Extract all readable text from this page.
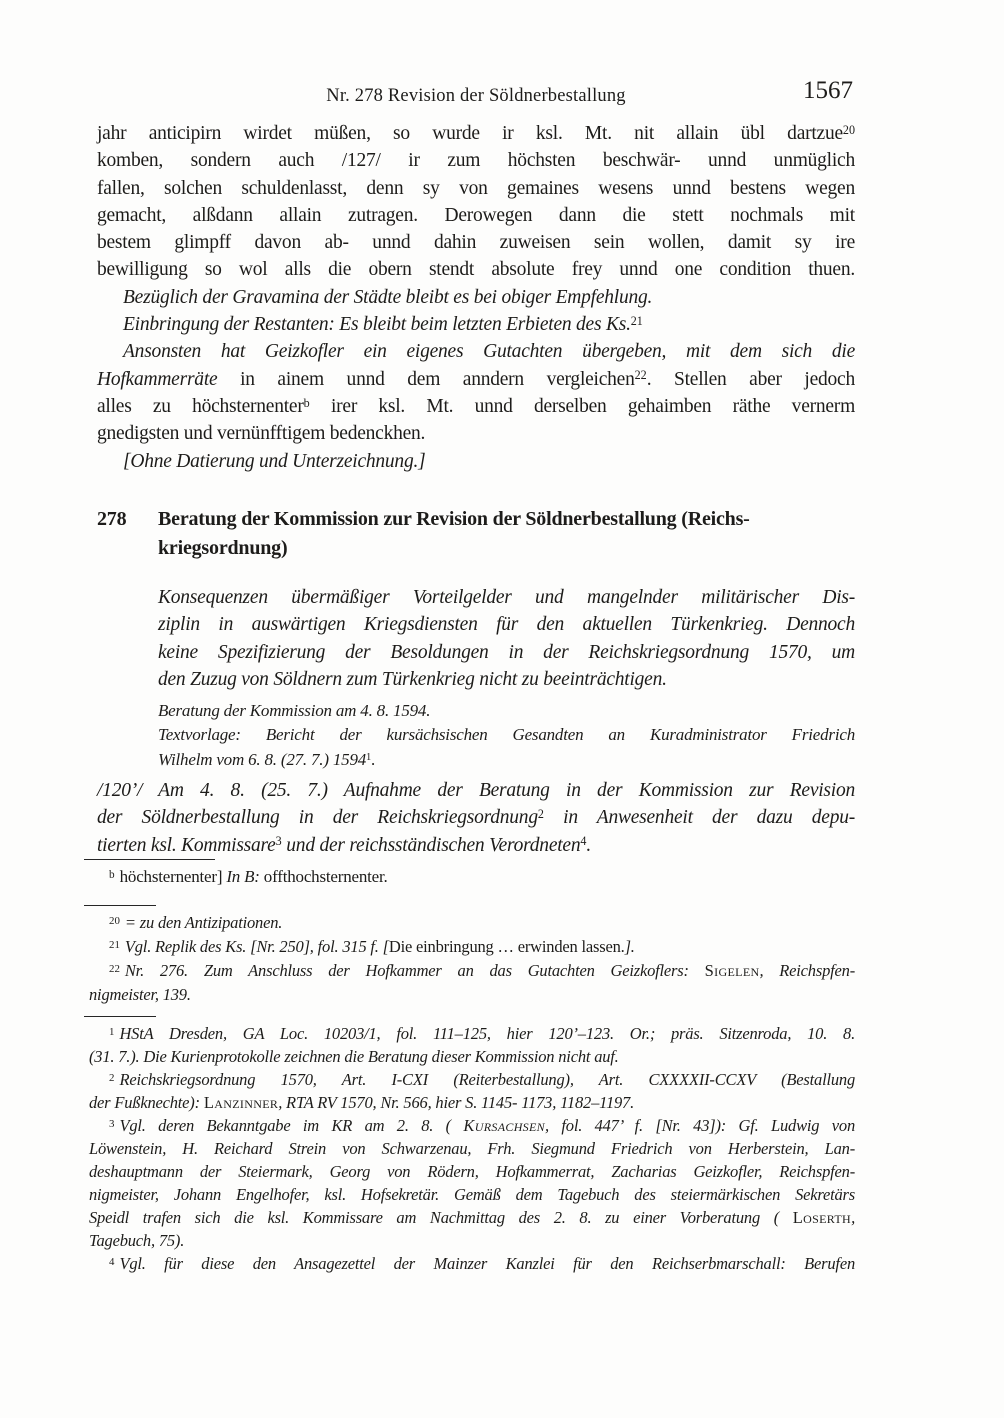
Nr. 278 Revision der Söldnerbestallung	1567
jahr anticipirn wirdet müßen, so wurde ir ksl. Mt. nit allain übl dartzue$^{20}$
komben, sondern auch /127/ ir zum höchsten beschwär- unnd unmüglich
fallen, solchen schuldenlasst, denn sy von gemaines wesens unnd bestens wegen
gemacht, alßdann allain zutragen. Derowegen dann die stett nochmals mit
bestem glimpff davon ab- unnd dahin zuweisen sein wollen, damit sy ire
bewilligung so wol alls die obern stendt absolute frey unnd one condition thuen.
Bezüglich der Gravamina der Städte bleibt es bei obiger Empfehlung.
Einbringung der Restanten: Es bleibt beim letzten Erbieten des Ks.$^{21}$
Ansonsten hat Geizkofler ein eigenes Gutachten übergeben, mit dem sich die
Hofkammerräte in ainem unnd dem anndern vergleichen$^{22}$. Stellen aber jedoch
alles zu höchsternenter$^b$ irer ksl. Mt. unnd derselben gehaimben räthe vernerm
gnedigsten und vernünfftigem bedenckhen.
[Ohne Datierung und Unterzeichnung.]
278	Beratung der Kommission zur Revision der Söldnerbestallung (Reichs-
kriegsordnung)
Konsequenzen übermäßiger Vorteilgelder und mangelnder militärischer Dis-
ziplin in auswärtigen Kriegsdiensten für den aktuellen Türkenkrieg. Dennoch
keine Spezifizierung der Besoldungen in der Reichskriegsordnung 1570, um
den Zuzug von Söldnern zum Türkenkrieg nicht zu beeinträchtigen.
Beratung der Kommission am 4. 8. 1594.
Textvorlage: Bericht der kursächsischen Gesandten an Kuradministrator Friedrich
Wilhelm vom 6. 8. (27. 7.) 1594$^1$.
/120’/ Am 4. 8. (25. 7.) Aufnahme der Beratung in der Kommission zur Revision
der Söldnerbestallung in der Reichskriegsordnung$^2$ in Anwesenheit der dazu depu-
tierten ksl. Kommissare$^3$ und der reichsständischen Verordneten$^4$.
$^b$ höchsternenter] In B: offthochsternenter.
$^{20}$ = zu den Antizipationen.
$^{21}$ Vgl. Replik des Ks. [Nr. 250], fol. 315 f. [Die einbringung … erwinden lassen.].
$^{22}$ Nr. 276. Zum Anschluss der Hofkammer an das Gutachten Geizkoflers: Sigelen, Reichspfen-
nigmeister, 139.
$^1$ HStA Dresden, GA Loc. 10203/1, fol. 111–125, hier 120’–123. Or.; präs. Sitzenroda, 10. 8.
(31. 7.). Die Kurienprotokolle zeichnen die Beratung dieser Kommission nicht auf.
$^2$ Reichskriegsordnung 1570, Art. I-CXI (Reiterbestallung), Art. CXXXXII-CCXV (Bestallung
der Fußknechte): Lanzinner, RTA RV 1570, Nr. 566, hier S. 1145- 1173, 1182–1197.
$^3$ Vgl. deren Bekanntgabe im KR am 2. 8. ( Kursachsen, fol. 447’ f. [Nr. 43]): Gf. Ludwig von
Löwenstein, H. Reichard Strein von Schwarzenau, Frh. Siegmund Friedrich von Herberstein, Lan-
deshauptmann der Steiermark, Georg von Rödern, Hofkammerrat, Zacharias Geizkofler, Reichspfen-
nigmeister, Johann Engelhofer, ksl. Hofsekretär. Gemäß dem Tagebuch des steiermärkischen Sekretärs
Speidl trafen sich die ksl. Kommissare am Nachmittag des 2. 8. zu einer Vorberatung ( Loserth,
Tagebuch, 75).
$^4$ Vgl. für diese den Ansagezettel der Mainzer Kanzlei für den Reichserbmarschall: Berufen
